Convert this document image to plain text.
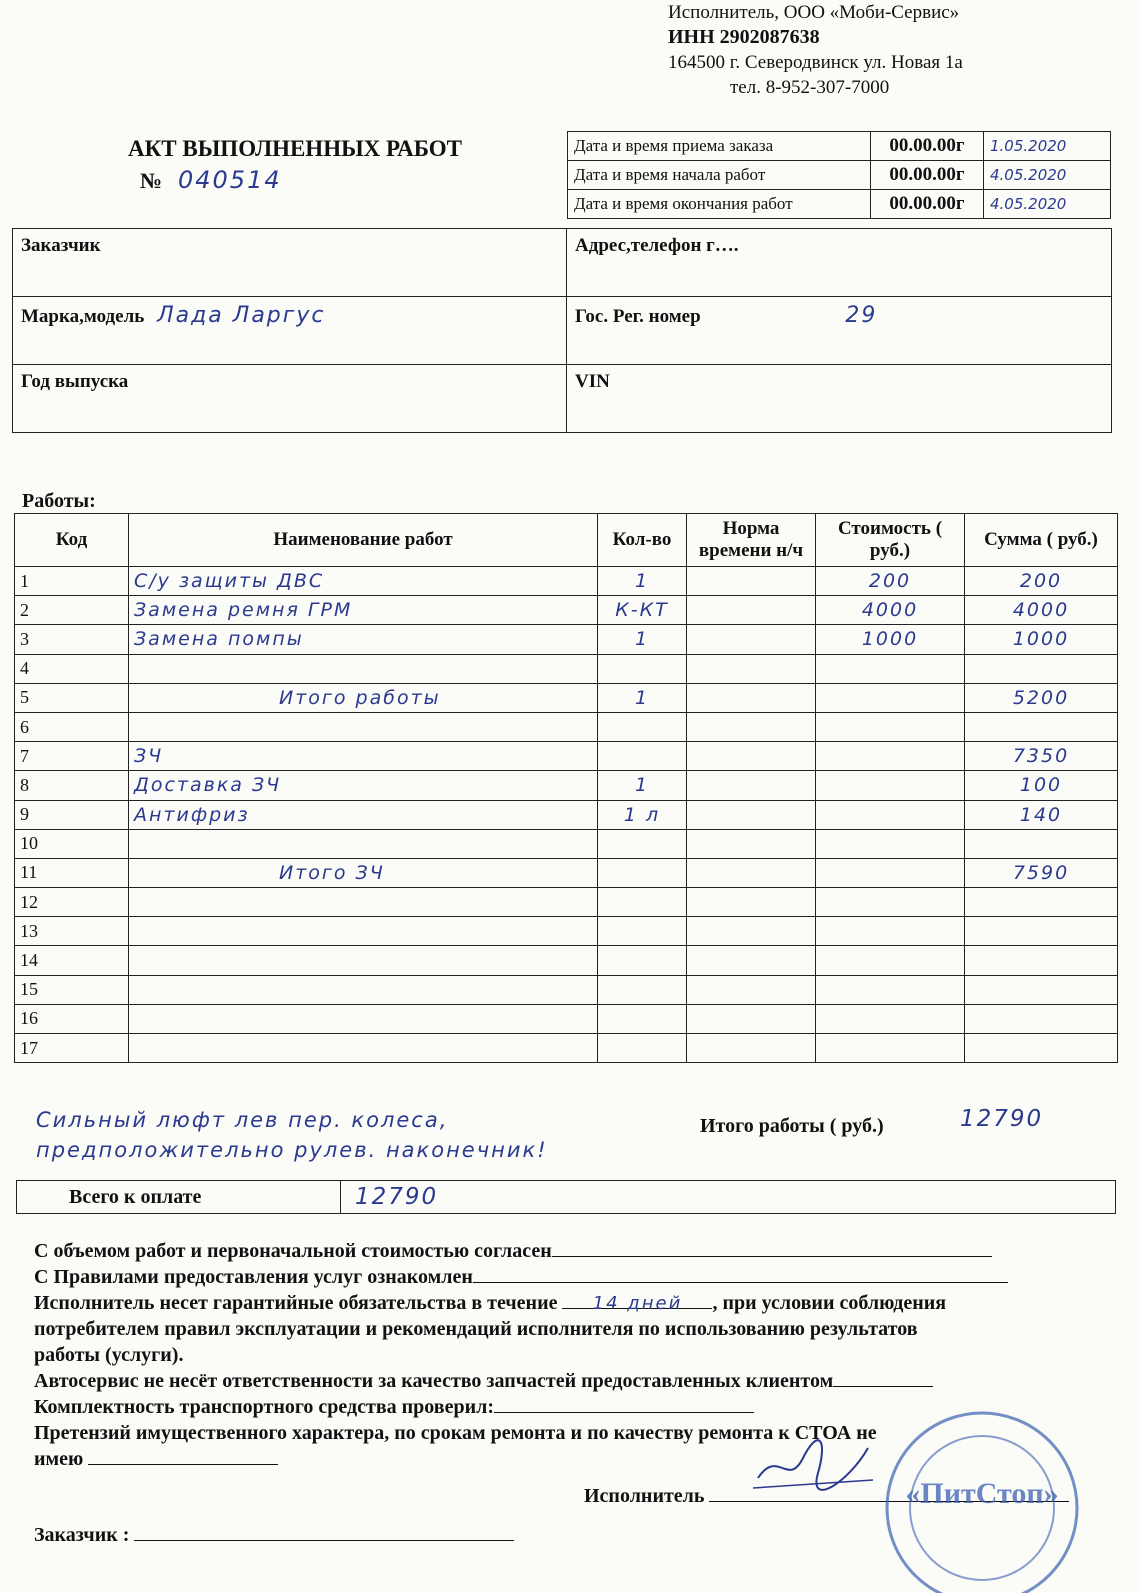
Исполнитель, ООО «Моби-Сервис»
ИНН 2902087638
164500 г. Северодвинск ул. Новая 1а
тел. 8-952-307-7000
АКТ ВЫПОЛНЕННЫХ РАБОТ
№ 040514
Дата и время приема заказа	00.00.00г	1.05.2020
Дата и время начала работ	00.00.00г	4.05.2020
Дата и время окончания работ	00.00.00г	4.05.2020
Заказчик	Адрес,телефон г….
Марка,модель Лада Ларгус	Гос. Рег. номер 29
Год выпуска	VIN
Работы:
Код	Наименование работ	Кол-во	Норма времени н/ч	Стоимость ( руб.)	Сумма ( руб.)
1	С/у защиты ДВС	1		200	200
2	Замена ремня ГРМ	К-КТ		4000	4000
3	Замена помпы	1		1000	1000
4					
5	Итого работы	1			5200
6					
7	ЗЧ				7350
8	Доставка ЗЧ	1			100
9	Антифриз	1 л			140
10					
11	Итого ЗЧ				7590
12					
13					
14					
15					
16					
17					
Сильный люфт лев пер. колеса,
предположительно рулев. наконечник!
Итого работы ( руб.)	12790
Всего к оплате	12790
С объемом работ и первоначальной стоимостью согласен
С Правилами предоставления услуг ознакомлен
Исполнитель несет гарантийные обязательства в течение 14 дней , при условии соблюдения
потребителем правил эксплуатации и рекомендаций исполнителя по использованию результатов
работы (услуги).
Автосервис не несёт ответственности за качество запчастей предоставленных клиентом
Комплектность транспортного средства проверил:
Претензий имущественного характера, по срокам ремонта и по качеству ремонта к СТОА не
имею
Заказчик :
Исполнитель	«ПитСтоп»
